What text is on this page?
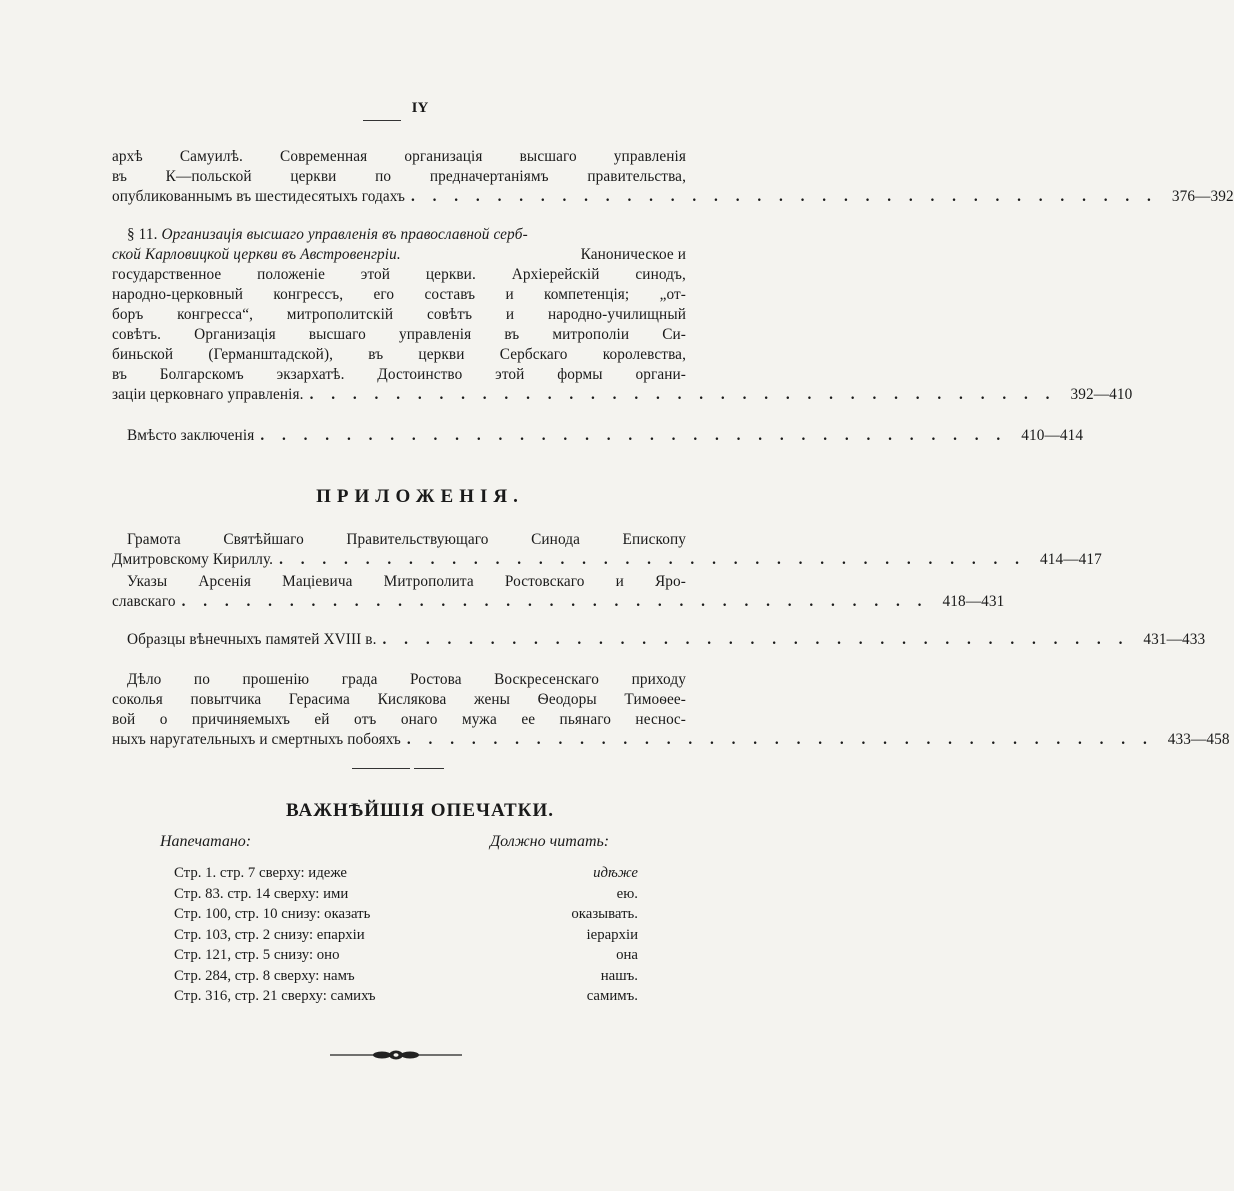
IY
архѣ Самуилѣ. Современная организація высшаго управленія
въ К—польской церкви по предначертаніямъ правительства,
опубликованнымъ въ шестидесятыхъ годахъ . . . . . . . . . . . . . . . . . . . . . . . . . . . . . . . . . . . 376—392
§ 11. Организація высшаго управленія въ православной серб-
ской Карловицкой церкви въ Австровенгріи.	Каноническое и
государственное положеніе этой церкви. Архіерейскій синодъ,
народно-церковный конгрессъ, его составъ и компетенція; „от-
боръ конгресса“, митрополитскій совѣтъ и народно-училищный
совѣтъ. Организація высшаго управленія въ митрополіи Си-
биньской (Германштадской), въ церкви Сербскаго королевства,
въ Болгарскомъ экзархатѣ. Достоинство этой формы органи-
заціи церковнаго управленія. . . . . . . . . . . . . . . . . . . . . . . . . . . . . . . . . . . . 392—410
Вмѣсто заключенія . . . . . . . . . . . . . . . . . . . . . . . . . . . . . . . . . . . 410—414
ПРИЛОЖЕНІЯ.
Грамота Святѣйшаго Правительствующаго Синода Епископу
Дмитровскому Кириллу. . . . . . . . . . . . . . . . . . . . . . . . . . . . . . . . . . . . 414—417
Указы Арсенія Маціевича Митрополита Ростовскаго и Яро-
славскаго . . . . . . . . . . . . . . . . . . . . . . . . . . . . . . . . . . . 418—431
Образцы вѣнечныхъ памятей XVIII в. . . . . . . . . . . . . . . . . . . . . . . . . . . . . . . . . . . . 431—433
Дѣло по прошенію града Ростова Воскресенскаго приходу
соколья повытчика Герасима Кислякова жены Ѳеодоры Тимоѳеe-
вой о причиняемыхъ ей отъ онаго мужа ее пьянаго несноc-
ныхъ наругательныхъ и смертныхъ побояхъ . . . . . . . . . . . . . . . . . . . . . . . . . . . . . . . . . . . 433—458
ВАЖНѢЙШІЯ ОПЕЧАТКИ.
Напечатано:	Должно читать:
Стр. 1. стр. 7 сверху: идеже
Стр. 83. стр. 14 сверху: ими
Стр. 100, стр. 10 снизу: оказать
Стр. 103, стр. 2 снизу: епархіи
Стр. 121, стр. 5 снизу: оно
Стр. 284, стр. 8 сверху: намъ
Стр. 316, стр. 21 сверху: самихъ
идѣже
ею.
оказывать.
іерархіи
она
нашъ.
самимъ.
